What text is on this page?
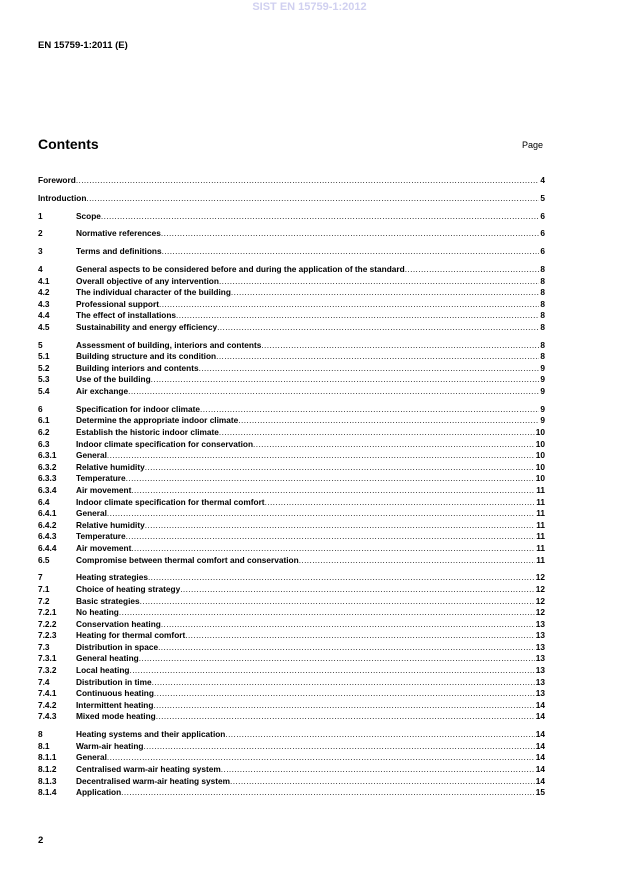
SIST EN 15759-1:2012
EN 15759-1:2011 (E)
Contents	Page
Foreword .....	4
Introduction .....	5
1	Scope .....	6
2	Normative references .....	6
3	Terms and definitions .....	6
4	General aspects to be considered before and during the application of the standard .....	8
4.1	Overall objective of any intervention .....	8
4.2	The individual character of the building .....	8
4.3	Professional support .....	8
4.4	The effect of installations .....	8
4.5	Sustainability and energy efficiency .....	8
5	Assessment of building, interiors and contents .....	8
5.1	Building structure and its condition .....	8
5.2	Building interiors and contents .....	9
5.3	Use of the building .....	9
5.4	Air exchange .....	9
6	Specification for indoor climate .....	9
6.1	Determine the appropriate indoor climate .....	9
6.2	Establish the historic indoor climate .....	10
6.3	Indoor climate specification for conservation .....	10
6.3.1	General .....	10
6.3.2	Relative humidity .....	10
6.3.3	Temperature .....	10
6.3.4	Air movement .....	11
6.4	Indoor climate specification for thermal comfort .....	11
6.4.1	General .....	11
6.4.2	Relative humidity .....	11
6.4.3	Temperature .....	11
6.4.4	Air movement .....	11
6.5	Compromise between thermal comfort and conservation .....	11
7	Heating strategies .....	12
7.1	Choice of heating strategy .....	12
7.2	Basic strategies .....	12
7.2.1	No heating .....	12
7.2.2	Conservation heating .....	13
7.2.3	Heating for thermal comfort .....	13
7.3	Distribution in space .....	13
7.3.1	General heating .....	13
7.3.2	Local heating .....	13
7.4	Distribution in time .....	13
7.4.1	Continuous heating .....	13
7.4.2	Intermittent heating .....	14
7.4.3	Mixed mode heating .....	14
8	Heating systems and their application .....	14
8.1	Warm-air heating .....	14
8.1.1	General .....	14
8.1.2	Centralised warm-air heating system .....	14
8.1.3	Decentralised warm-air heating system .....	14
8.1.4	Application .....	15
2
